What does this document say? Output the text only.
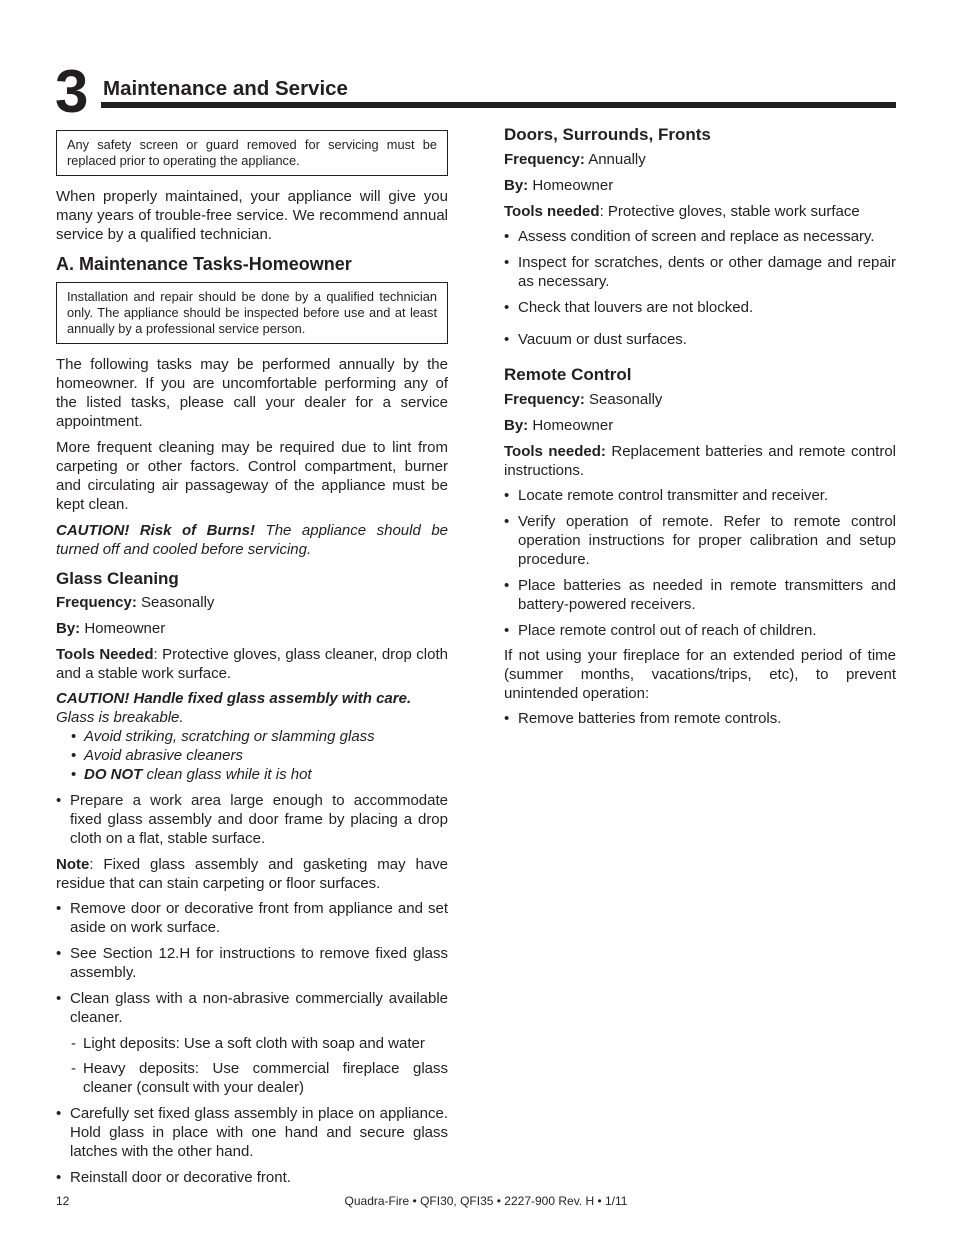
3 Maintenance and Service
Any safety screen or guard removed for servicing must be replaced prior to operating the appliance.

When properly maintained, your appliance will give you many years of trouble-free service. We recommend annual service by a qualified technician.

A. Maintenance Tasks-Homeowner
Installation and repair should be done by a qualified technician only. The appliance should be inspected before use and at least annually by a professional service person.

The following tasks may be performed annually by the homeowner. If you are uncomfortable performing any of the listed tasks, please call your dealer for a service appointment.

More frequent cleaning may be required due to lint from carpeting or other factors. Control compartment, burner and circulating air passageway of the appliance must be kept clean.

CAUTION! Risk of Burns! The appliance should be turned off and cooled before servicing.

Glass Cleaning

Frequency: Seasonally

By: Homeowner

Tools Needed: Protective gloves, glass cleaner, drop cloth and a stable work surface.

CAUTION! Handle fixed glass assembly with care.

Glass is breakable.

• Avoid striking, scratching or slamming glass
• Avoid abrasive cleaners
• DO NOT clean glass while it is hot
• Prepare a work area large enough to accommodate fixed glass assembly and door frame by placing a drop cloth on a flat, stable surface.

Note: Fixed glass assembly and gasketing may have residue that can stain carpeting or floor surfaces.

• Remove door or decorative front from appliance and set aside on work surface.
• See Section 12.H for instructions to remove fixed glass assembly.
• Clean glass with a non-abrasive commercially available cleaner.
- Light deposits: Use a soft cloth with soap and water
- Heavy deposits: Use commercial fireplace glass cleaner (consult with your dealer)
• Carefully set fixed glass assembly in place on appliance. Hold glass in place with one hand and secure glass latches with the other hand.
• Reinstall door or decorative front.
Doors, Surrounds, Fronts

Frequency: Annually

By: Homeowner

Tools needed: Protective gloves, stable work surface

• Assess condition of screen and replace as necessary.
• Inspect for scratches, dents or other damage and repair as necessary.
• Check that louvers are not blocked.
• Vacuum or dust surfaces.
Remote Control

Frequency: Seasonally

By: Homeowner

Tools needed: Replacement batteries and remote control instructions.

• Locate remote control transmitter and receiver.
• Verify operation of remote. Refer to remote control operation instructions for proper calibration and setup procedure.
• Place batteries as needed in remote transmitters and battery-powered receivers.
• Place remote control out of reach of children.

If not using your fireplace for an extended period of time (summer months, vacations/trips, etc), to prevent unintended operation:

• Remove batteries from remote controls.
12	Quadra-Fire • QFI30, QFI35 • 2227-900 Rev. H • 1/11
